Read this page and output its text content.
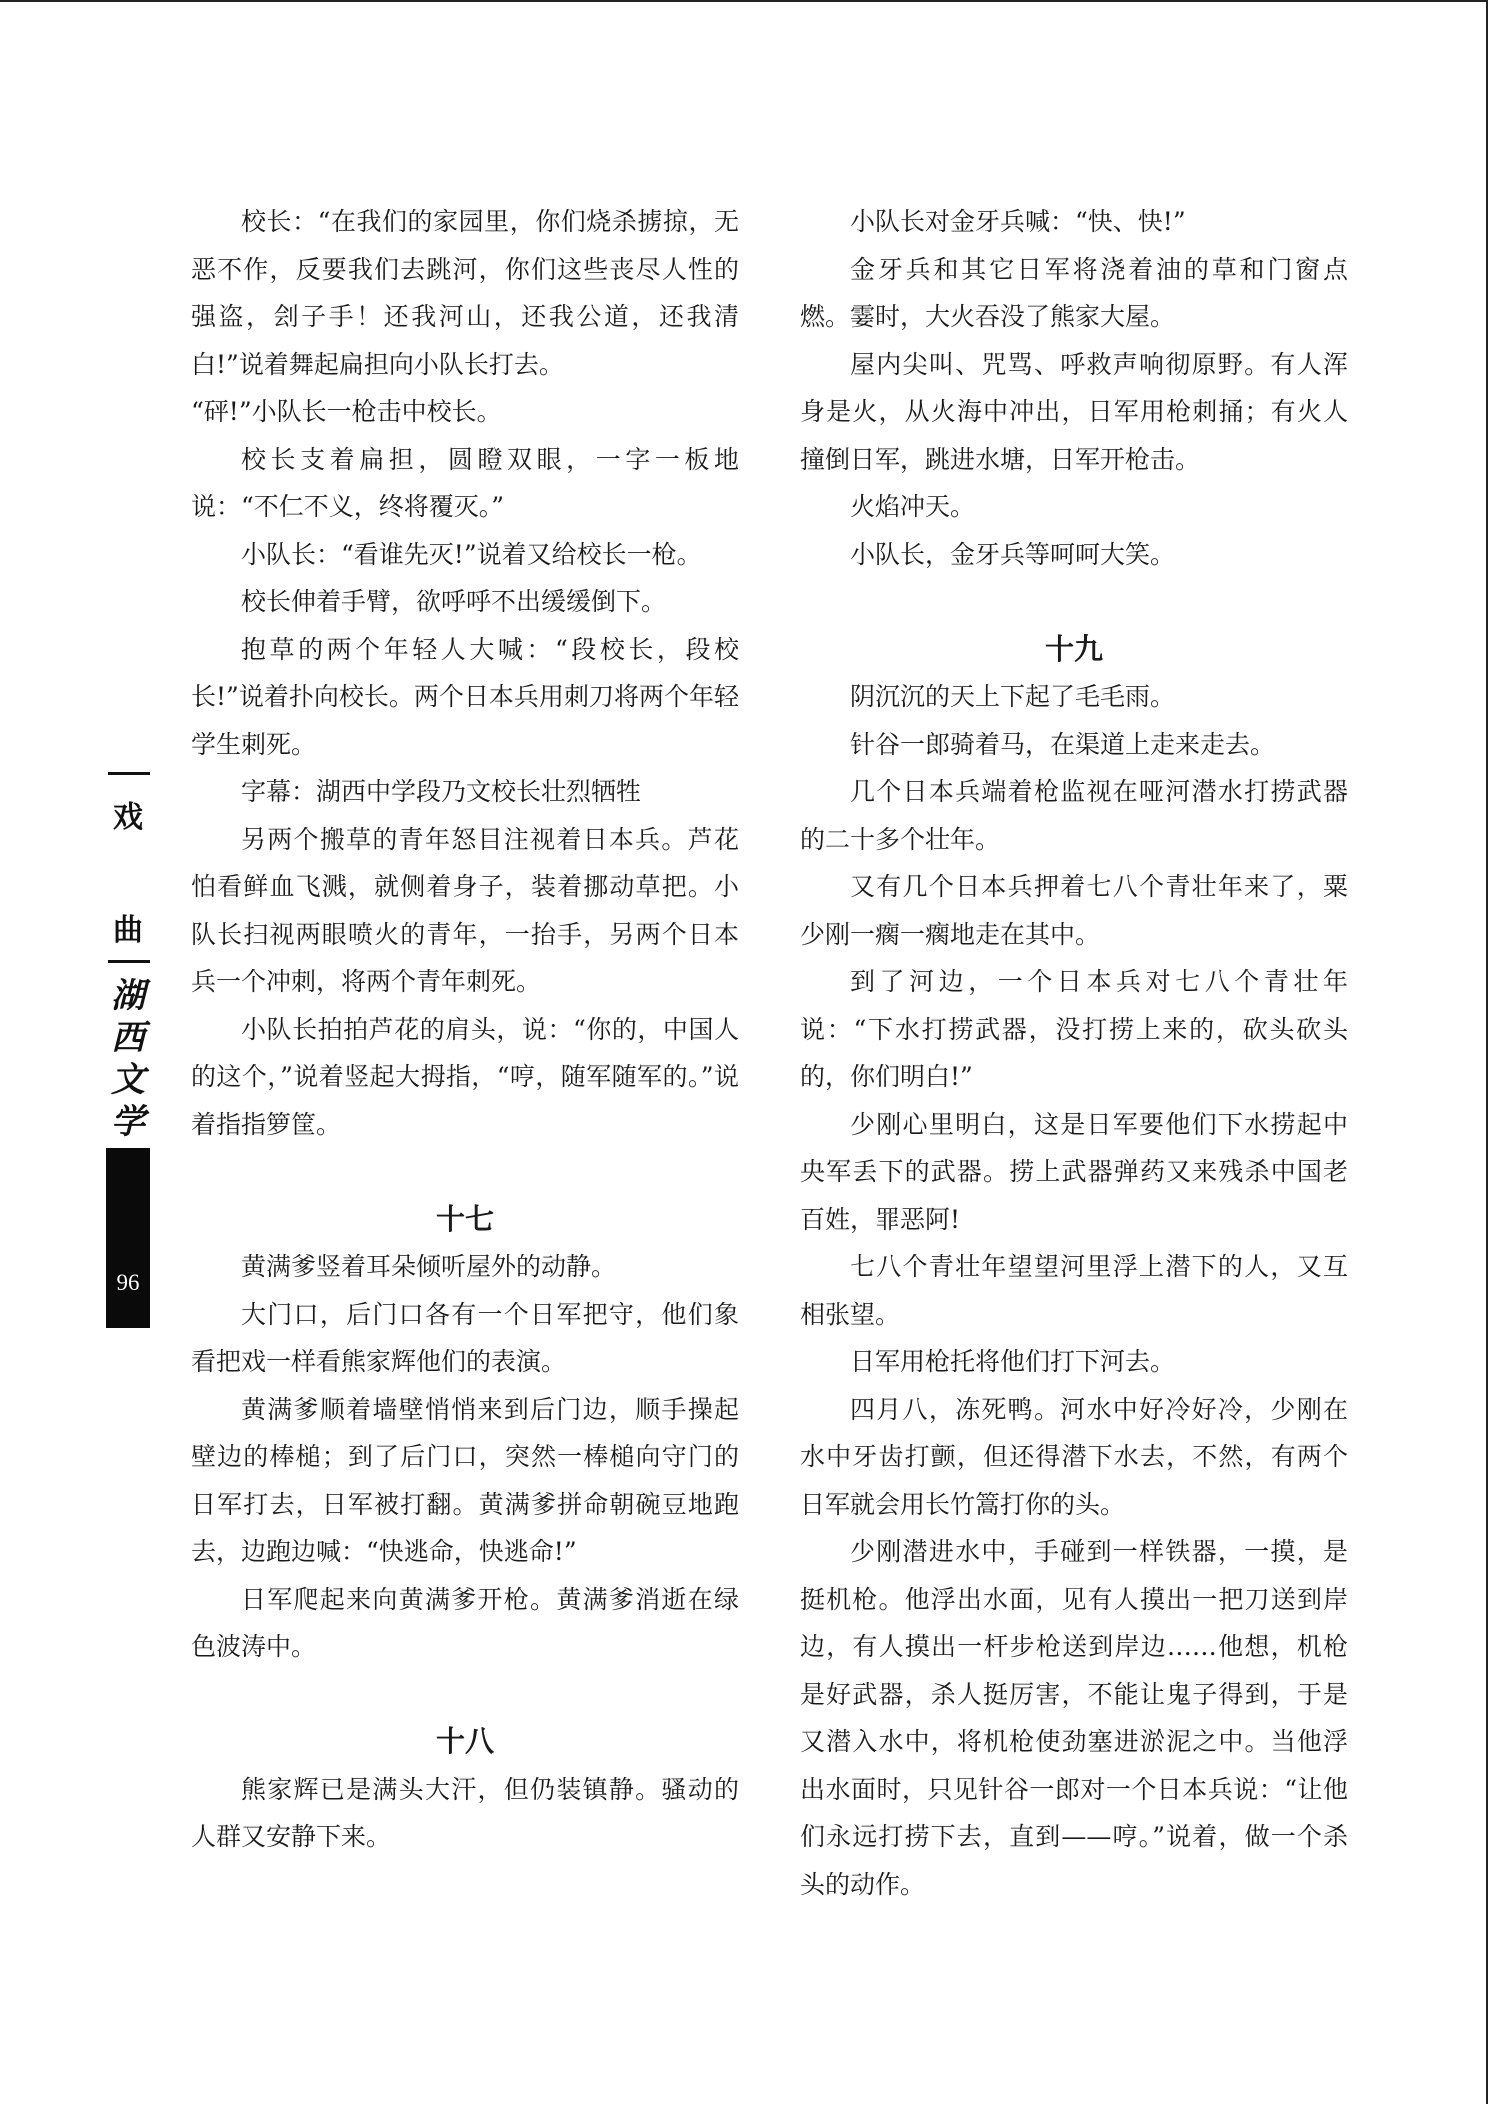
戏
曲
湖
西
文
学
96

校长：“在我们的家园里，你们烧杀掳掠，无恶不作，反要我们去跳河，你们这些丧尽人性的强盗，刽子手！还我河山，还我公道，还我清白!”说着舞起扁担向小队长打去。

“砰!”小队长一枪击中校长。

校长支着扁担，圆瞪双眼，一字一板地说：“不仁不义，终将覆灭。”

小队长：“看谁先灭!”说着又给校长一枪。

校长伸着手臂，欲呼呼不出缓缓倒下。

抱草的两个年轻人大喊：“段校长，段校长!”说着扑向校长。两个日本兵用刺刀将两个年轻学生刺死。

字幕：湖西中学段乃文校长壮烈牺牲

另两个搬草的青年怒目注视着日本兵。芦花怕看鲜血飞溅，就侧着身子，装着挪动草把。小队长扫视两眼喷火的青年，一抬手，另两个日本兵一个冲刺，将两个青年刺死。

小队长拍拍芦花的肩头，说：“你的，中国人的这个，”说着竖起大拇指，“哼，随军随军的。”说着指指箩筐。

十七

黄满爹竖着耳朵倾听屋外的动静。

大门口，后门口各有一个日军把守，他们象看把戏一样看熊家辉他们的表演。

黄满爹顺着墙壁悄悄来到后门边，顺手操起壁边的棒槌；到了后门口，突然一棒槌向守门的日军打去，日军被打翻。黄满爹拼命朝碗豆地跑去，边跑边喊：“快逃命，快逃命!”

日军爬起来向黄满爹开枪。黄满爹消逝在绿色波涛中。

十八

熊家辉已是满头大汗，但仍装镇静。骚动的人群又安静下来。

小队长对金牙兵喊：“快、快!”

金牙兵和其它日军将浇着油的草和门窗点燃。霎时，大火吞没了熊家大屋。

屋内尖叫、咒骂、呼救声响彻原野。有人浑身是火，从火海中冲出，日军用枪刺捅；有火人撞倒日军，跳进水塘，日军开枪击。

火焰冲天。

小队长，金牙兵等呵呵大笑。

十九

阴沉沉的天上下起了毛毛雨。

针谷一郎骑着马，在渠道上走来走去。

几个日本兵端着枪监视在哑河潜水打捞武器的二十多个壮年。

又有几个日本兵押着七八个青壮年来了，粟少刚一瘸一瘸地走在其中。

到了河边，一个日本兵对七八个青壮年说：“下水打捞武器，没打捞上来的，砍头砍头的，你们明白!”

少刚心里明白，这是日军要他们下水捞起中央军丢下的武器。捞上武器弹药又来残杀中国老百姓，罪恶阿!

七八个青壮年望望河里浮上潜下的人，又互相张望。

日军用枪托将他们打下河去。

四月八，冻死鸭。河水中好冷好冷，少刚在水中牙齿打颤，但还得潜下水去，不然，有两个日军就会用长竹篙打你的头。

少刚潜进水中，手碰到一样铁器，一摸，是挺机枪。他浮出水面，见有人摸出一把刀送到岸边，有人摸出一杆步枪送到岸边……他想，机枪是好武器，杀人挺厉害，不能让鬼子得到，于是又潜入水中，将机枪使劲塞进淤泥之中。当他浮出水面时，只见针谷一郎对一个日本兵说：“让他们永远打捞下去，直到——哼。”说着，做一个杀头的动作。
